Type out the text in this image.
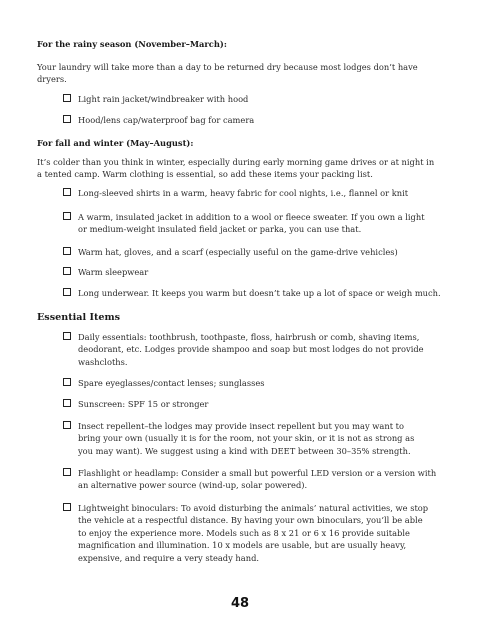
For the rainy season (November–March):
Your laundry will take more than a day to be returned dry because most lodges don’t have dryers.
Light rain jacket/windbreaker with hood
Hood/lens cap/waterproof bag for camera
For fall and winter (May–August):
It’s colder than you think in winter, especially during early morning game drives or at night in a tented camp. Warm clothing is essential, so add these items your packing list.
Long-sleeved shirts in a warm, heavy fabric for cool nights, i.e., flannel or knit
A warm, insulated jacket in addition to a wool or fleece sweater. If you own a light or medium-weight insulated field jacket or parka, you can use that.
Warm hat, gloves, and a scarf (especially useful on the game-drive vehicles)
Warm sleepwear
Long underwear. It keeps you warm but doesn’t take up a lot of space or weigh much.
Essential Items
Daily essentials: toothbrush, toothpaste, floss, hairbrush or comb, shaving items, deodorant, etc. Lodges provide shampoo and soap but most lodges do not provide washcloths.
Spare eyeglasses/contact lenses; sunglasses
Sunscreen: SPF 15 or stronger
Insect repellent–the lodges may provide insect repellent but you may want to bring your own (usually it is for the room, not your skin, or it is not as strong as you may want). We suggest using a kind with DEET between 30–35% strength.
Flashlight or headlamp: Consider a small but powerful LED version or a version with an alternative power source (wind-up, solar powered).
Lightweight binoculars: To avoid disturbing the animals’ natural activities, we stop the vehicle at a respectful distance. By having your own binoculars, you’ll be able to enjoy the experience more. Models such as 8 x 21 or 6 x 16 provide suitable magnification and illumination. 10 x models are usable, but are usually heavy, expensive, and require a very steady hand.
48
